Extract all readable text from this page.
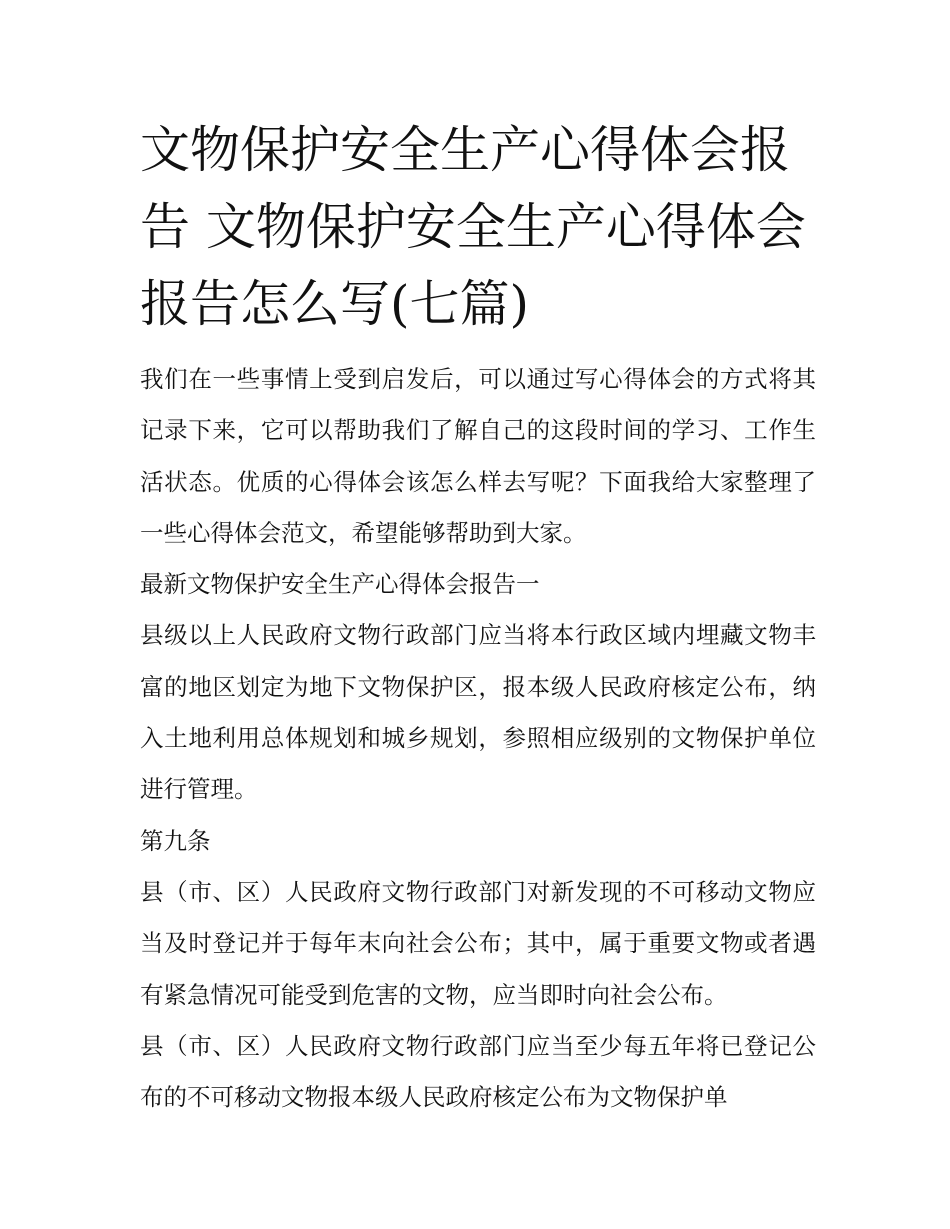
文物保护安全生产心得体会报告 文物保护安全生产心得体会报告怎么写(七篇)

我们在一些事情上受到启发后，可以通过写心得体会的方式将其记录下来，它可以帮助我们了解自己的这段时间的学习、工作生活状态。优质的心得体会该怎么样去写呢？下面我给大家整理了一些心得体会范文，希望能够帮助到大家。

最新文物保护安全生产心得体会报告一

县级以上人民政府文物行政部门应当将本行政区域内埋藏文物丰富的地区划定为地下文物保护区，报本级人民政府核定公布，纳入土地利用总体规划和城乡规划，参照相应级别的文物保护单位进行管理。

第九条

县（市、区）人民政府文物行政部门对新发现的不可移动文物应当及时登记并于每年末向社会公布；其中，属于重要文物或者遇有紧急情况可能受到危害的文物，应当即时向社会公布。

县（市、区）人民政府文物行政部门应当至少每五年将已登记公布的不可移动文物报本级人民政府核定公布为文物保护单
